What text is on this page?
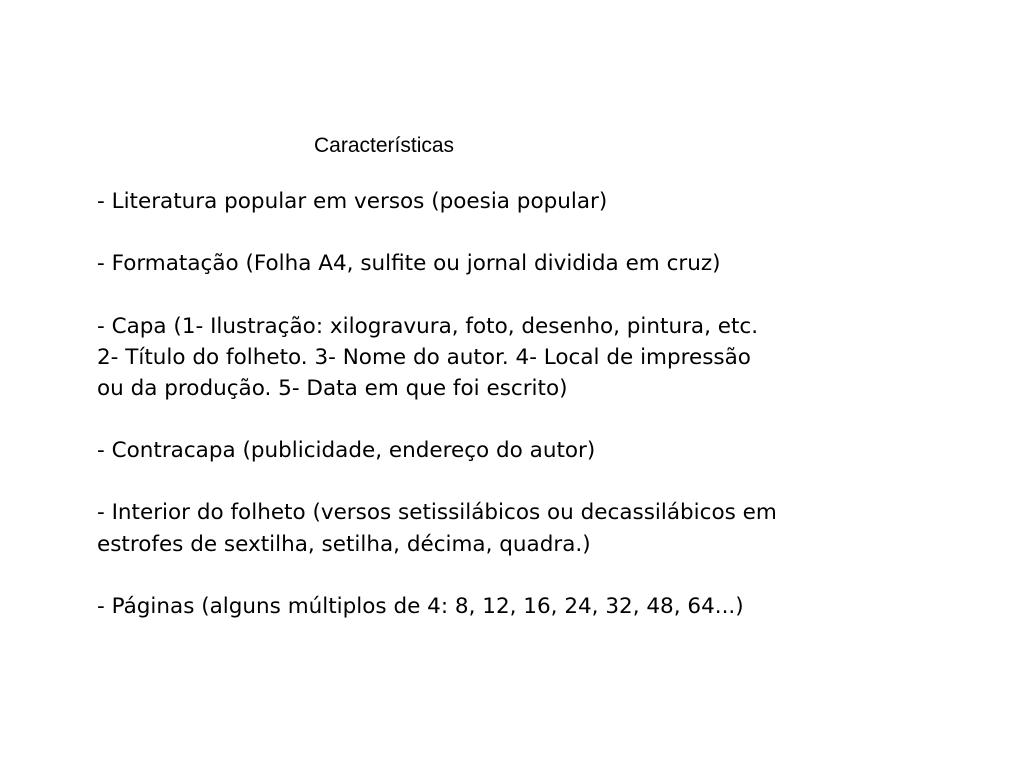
Características

- Literatura popular em versos (poesia popular)

- Formatação (Folha A4, sulfite ou jornal dividida em cruz)

- Capa (1- Ilustração: xilogravura, foto, desenho, pintura, etc.

2- Título do folheto. 3- Nome do autor. 4- Local de impressão

ou da produção. 5- Data em que foi escrito)

- Contracapa (publicidade, endereço do autor)

- Interior do folheto (versos setissilábicos ou decassilábicos em

estrofes de sextilha, setilha, décima, quadra.)

- Páginas (alguns múltiplos de 4: 8, 12, 16, 24, 32, 48, 64...)
